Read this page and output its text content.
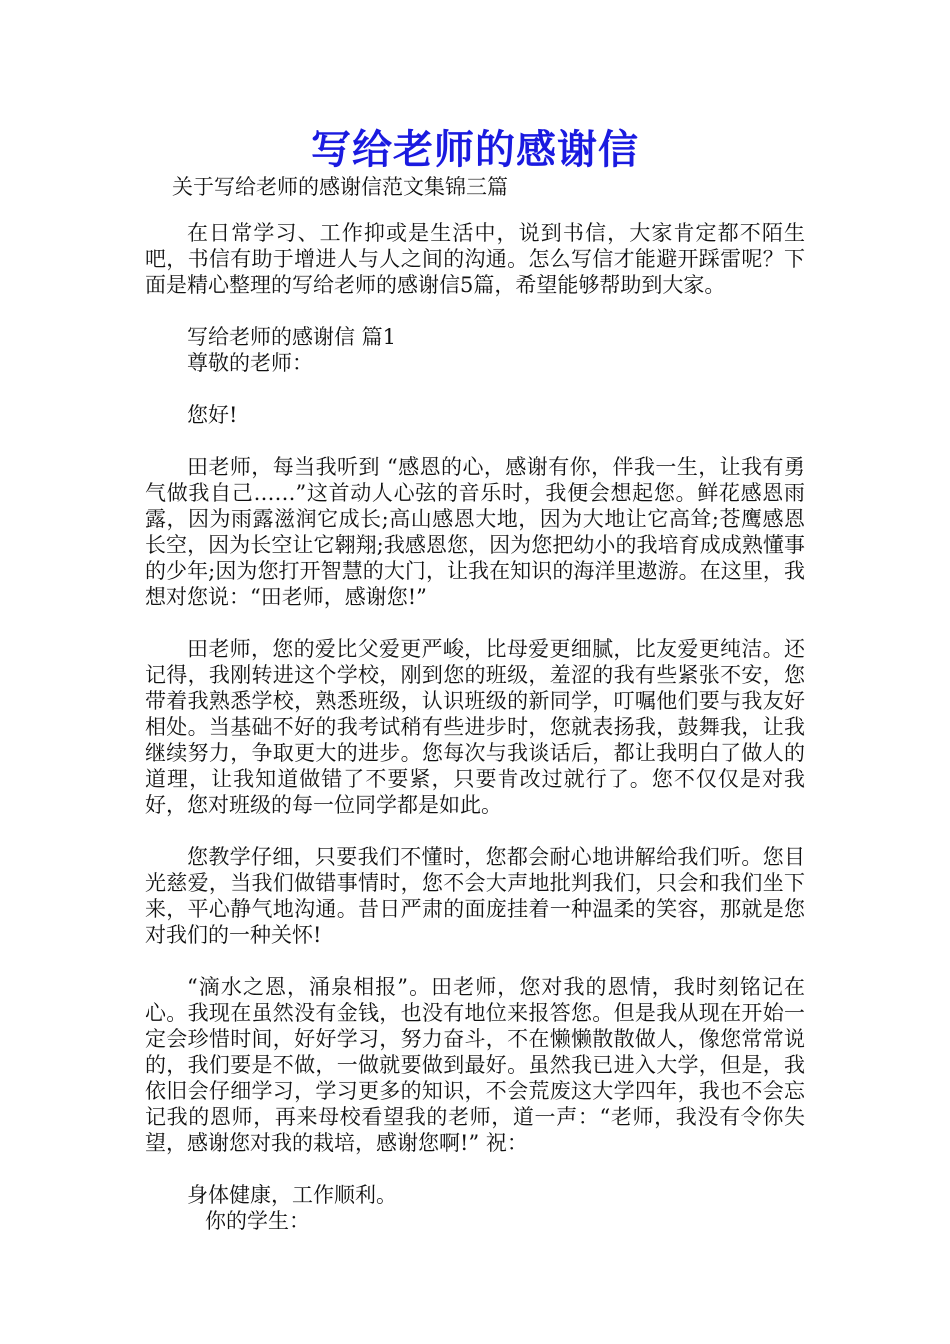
写给老师的感谢信
关于写给老师的感谢信范文集锦三篇

在日常学习、工作抑或是生活中，说到书信，大家肯定都不陌生吧，书信有助于增进人与人之间的沟通。怎么写信才能避开踩雷呢？下面是精心整理的写给老师的感谢信5篇，希望能够帮助到大家。

写给老师的感谢信 篇1

尊敬的老师：

您好!

田老师，每当我听到 “感恩的心，感谢有你，伴我一生，让我有勇气做我自己……”这首动人心弦的音乐时，我便会想起您。鲜花感恩雨露，因为雨露滋润它成长;高山感恩大地，因为大地让它高耸;苍鹰感恩长空，因为长空让它翱翔;我感恩您，因为您把幼小的我培育成成熟懂事的少年;因为您打开智慧的大门，让我在知识的海洋里遨游。在这里，我想对您说：“田老师，感谢您!”

田老师，您的爱比父爱更严峻，比母爱更细腻，比友爱更纯洁。还记得，我刚转进这个学校，刚到您的班级，羞涩的我有些紧张不安，您带着我熟悉学校，熟悉班级，认识班级的新同学，叮嘱他们要与我友好相处。当基础不好的我考试稍有些进步时，您就表扬我，鼓舞我，让我继续努力，争取更大的进步。您每次与我谈话后，都让我明白了做人的道理，让我知道做错了不要紧，只要肯改过就行了。您不仅仅是对我好，您对班级的每一位同学都是如此。

您教学仔细，只要我们不懂时，您都会耐心地讲解给我们听。您目光慈爱，当我们做错事情时，您不会大声地批判我们，只会和我们坐下来，平心静气地沟通。昔日严肃的面庞挂着一种温柔的笑容，那就是您对我们的一种关怀!

“滴水之恩，涌泉相报”。田老师，您对我的恩情，我时刻铭记在心。我现在虽然没有金钱，也没有地位来报答您。但是我从现在开始一定会珍惜时间，好好学习，努力奋斗，不在懒懒散散做人，像您常常说的，我们要是不做，一做就要做到最好。虽然我已进入大学，但是，我依旧会仔细学习，学习更多的知识，不会荒废这大学四年，我也不会忘记我的恩师，再来母校看望我的老师，道一声：“老师，我没有令你失望，感谢您对我的栽培，感谢您啊!” 祝：

身体健康，工作顺利。

你的学生：
